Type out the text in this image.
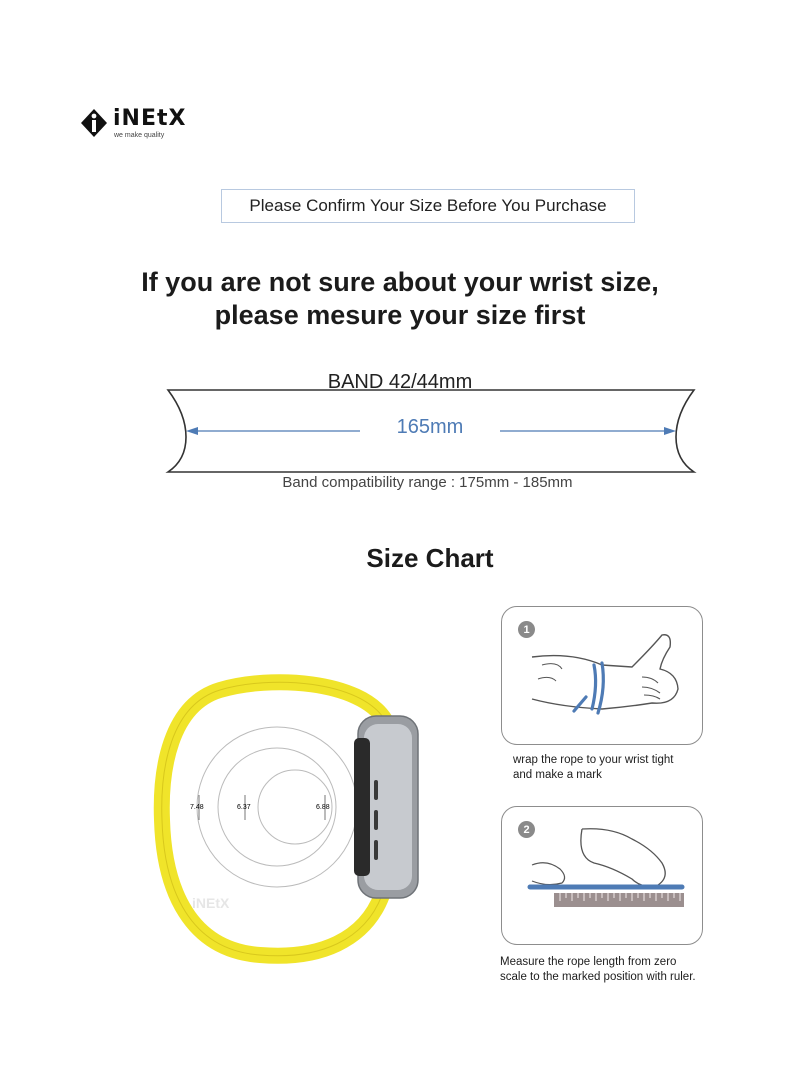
iNEtX
we make quality
Please Confirm Your Size Before You Purchase
If you are not sure about your wrist size,
please mesure your size first
BAND 42/44mm
165mm
Band compatibility range : 175mm - 185mm
Size Chart
7.48	6.37	6.88
iNEtX
1
wrap the rope to your wrist tight
and make a mark
2
Measure the rope length from zero
scale to the marked position with ruler.
